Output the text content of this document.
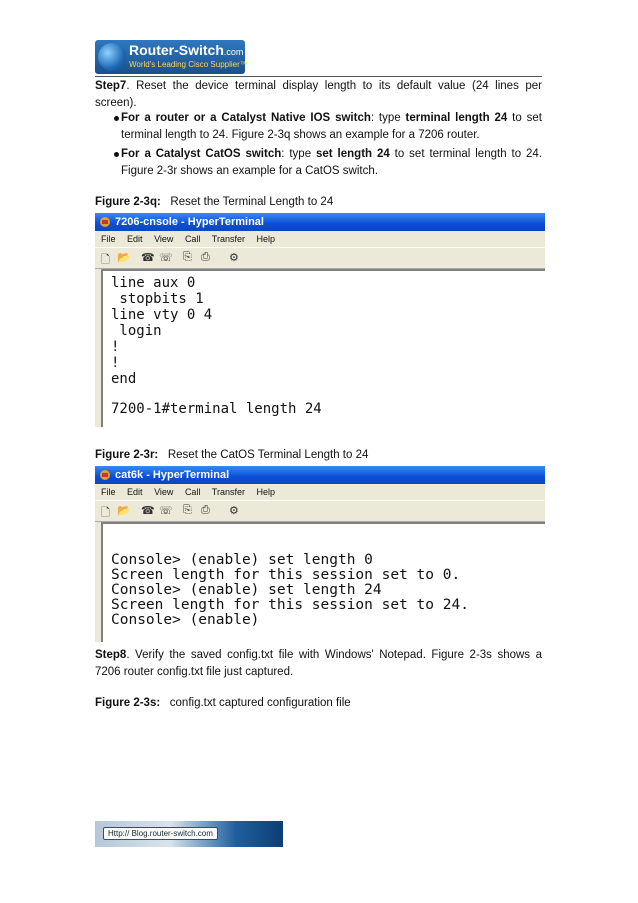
Router-Switch.com
World's Leading Cisco Supplier™
Step7. Reset the device terminal display length to its default value (24 lines per screen).
For a router or a Catalyst Native IOS switch: type terminal length 24 to set terminal length to 24. Figure 2-3q shows an example for a 7206 router.
For a Catalyst CatOS switch: type set length 24 to set terminal length to 24. Figure 2-3r shows an example for a CatOS switch.
Figure 2-3q: Reset the Terminal Length to 24
7206-cnsole - HyperTerminal
File Edit View Call Transfer Help
🗋 📂 ☎ ☏ ⎘ ⎙ ⚙
line aux 0
stopbits 1
line vty 0 4
login
!
!
end
7200-1#terminal length 24
Figure 2-3r: Reset the CatOS Terminal Length to 24
cat6k - HyperTerminal
File Edit View Call Transfer Help
🗋 📂 ☎ ☏ ⎘ ⎙ ⚙
Console> (enable) set length 0
Screen length for this session set to 0.
Console> (enable) set length 24
Screen length for this session set to 24.
Console> (enable)
Step8. Verify the saved config.txt file with Windows' Notepad. Figure 2-3s shows a 7206 router config.txt file just captured.
Figure 2-3s: config.txt captured configuration file
Http:// Blog.router-switch.com
